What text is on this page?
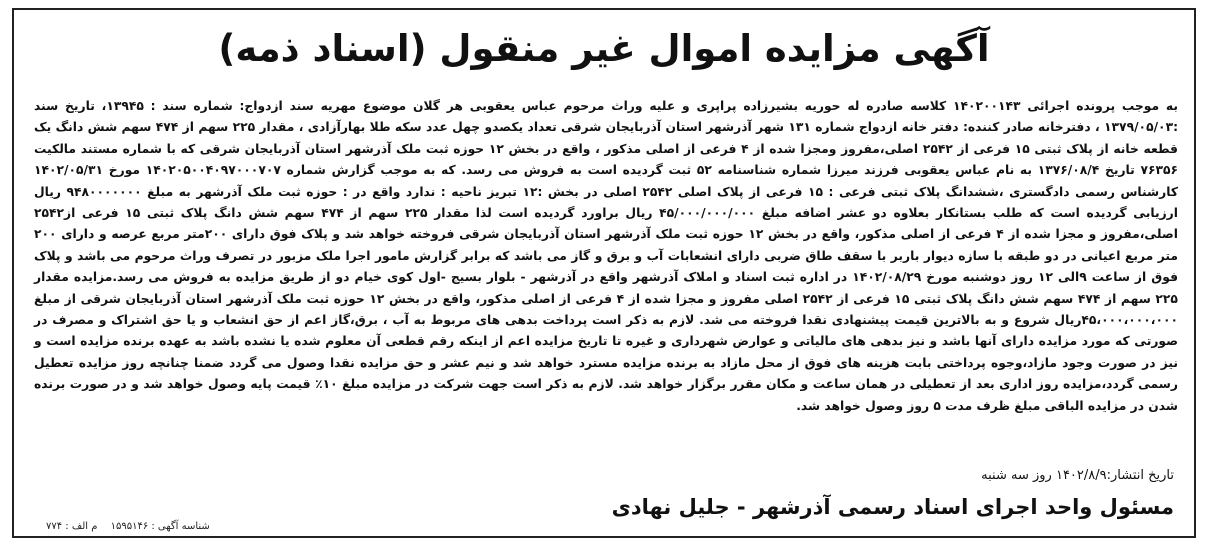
آگهی مزایده اموال غیر منقول (اسناد ذمه)
به موجب پرونده اجرائی ۱۴۰۲۰۰۱۴۳ کلاسه صادره له حوریه بشیرزاده پراپری و علیه وراث مرحوم عباس یعقوبی هر گلان موضوع مهریه سند ازدواج: شماره سند : ۱۳۹۴۵، تاریخ سند :۱۳۷۹/۰۵/۰۳ ، دفترخانه صادر کننده: دفتر خانه ازدواج شماره ۱۳۱ شهر آذرشهر استان آذربایجان شرقی تعداد یکصدو چهل عدد سکه طلا بهارآزادی ، مقدار ۲۲۵ سهم از ۴۷۴ سهم شش دانگ یک قطعه خانه از پلاک ثبتی ۱۵ فرعی از ۲۵۴۲ اصلی،مفروز ومجزا شده از ۴ فرعی از اصلی مذکور ، واقع در بخش ۱۲ حوزه ثبت ملک آذرشهر استان آذربایجان شرقی که با شماره مستند مالکیت ۷۶۳۵۶ تاریخ ۱۳۷۶/۰۸/۴ به نام عباس یعقوبی فرزند میرزا شماره شناسنامه ۵۲ ثبت گردیده است به فروش می رسد. که به موجب گزارش شماره ۱۴۰۲۰۵۰۰۴۰۹۷۰۰۰۷۰۷ مورخ ۱۴۰۲/۰۵/۳۱ کارشناس رسمی دادگستری ،ششدانگ پلاک ثبتی فرعی : ۱۵ فرعی از پلاک اصلی ۲۵۴۲ اصلی در بخش :۱۲ تبریز ناحیه : ندارد واقع در : حوزه ثبت ملک آذرشهر به مبلغ ۹۴۸۰۰۰۰۰۰۰ ریال ارزیابی گردیده است که طلب بستانکار بعلاوه دو عشر اضافه مبلغ ۴۵/۰۰۰/۰۰۰/۰۰۰ ریال براورد گردیده است لذا مقدار ۲۲۵ سهم از ۴۷۴ سهم شش دانگ پلاک ثبتی ۱۵ فرعی از۲۵۴۲ اصلی،مفروز و مجزا شده از ۴ فرعی از اصلی مذکور، واقع در بخش ۱۲ حوزه ثبت ملک آذرشهر استان آذربایجان شرقی فروخته خواهد شد و پلاک فوق دارای ۲۰۰متر مربع عرصه و دارای ۲۰۰ متر مربع اعیانی در دو طبقه با سازه دیوار باربر با سقف طاق ضربی دارای انشعابات آب و برق و گاز می باشد که برابر گزارش مامور اجرا ملک مزبور در تصرف وراث مرحوم می باشد و پلاک فوق از ساعت ۹الی ۱۲ روز دوشنبه مورخ ۱۴۰۲/۰۸/۲۹ در اداره ثبت اسناد و املاک آذرشهر واقع در آذرشهر - بلوار بسیج -اول کوی خیام دو از طریق مزایده به فروش می رسد.مزایده مقدار ۲۲۵ سهم از ۴۷۴ سهم شش دانگ پلاک ثبتی ۱۵ فرعی از ۲۵۴۲ اصلی مفروز و مجزا شده از ۴ فرعی از اصلی مذکور، واقع در بخش ۱۲ حوزه ثبت ملک آذرشهر استان آذربایجان شرقی از مبلغ ۴۵،۰۰۰،۰۰۰،۰۰۰ریال شروع و به بالاترین قیمت پیشنهادی نقدا فروخته می شد. لازم به ذکر است پرداخت بدهی های مربوط به آب ، برق،گاز اعم از حق انشعاب و یا حق اشتراک و مصرف در صورتی که مورد مزایده دارای آنها باشد و نیز بدهی های مالیاتی و عوارض شهرداری و غیره تا تاریخ مزایده اعم از اینکه رقم قطعی آن معلوم شده یا نشده باشد به عهده برنده مزایده است و نیز در صورت وجود مازاد،وجوه پرداختی بابت هزینه های فوق از محل مازاد به برنده مزایده مسترد خواهد شد و نیم عشر و حق مزایده نقدا وصول می گردد ضمنا چنانچه روز مزایده تعطیل رسمی گردد،مزایده روز اداری بعد از تعطیلی در همان ساعت و مکان مقرر برگزار خواهد شد. لازم به ذکر است جهت شرکت در مزایده مبلغ ۱۰٪ قیمت پایه وصول خواهد شد و در صورت برنده شدن در مزایده الباقی مبلغ ظرف مدت ۵ روز وصول خواهد شد.
تاریخ انتشار:۱۴۰۲/۸/۹ روز سه شنبه
مسئول واحد اجرای اسناد رسمی آذرشهر - جلیل نهادی
شناسه آگهی : ۱۵۹۵۱۴۶ م الف : ۷۷۴
